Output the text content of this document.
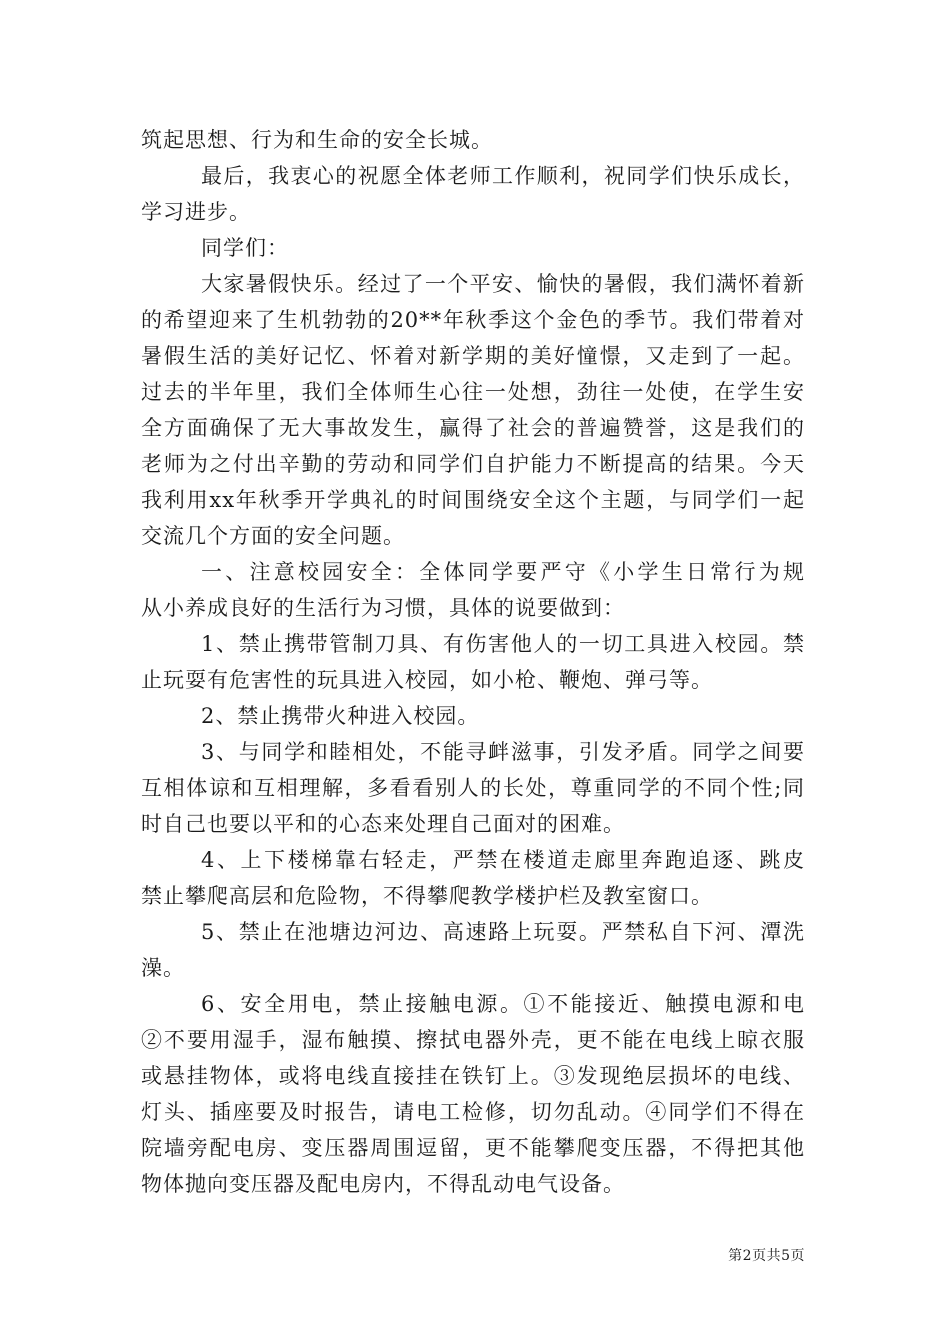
筑起思想、行为和生命的安全长城。
最后，我衷心的祝愿全体老师工作顺利，祝同学们快乐成长，
学习进步。
同学们：
大家暑假快乐。经过了一个平安、愉快的暑假，我们满怀着新
的希望迎来了生机勃勃的20**年秋季这个金色的季节。我们带着对
暑假生活的美好记忆、怀着对新学期的美好憧憬，又走到了一起。
过去的半年里，我们全体师生心往一处想，劲往一处使，在学生安
全方面确保了无大事故发生，赢得了社会的普遍赞誉，这是我们的
老师为之付出辛勤的劳动和同学们自护能力不断提高的结果。今天
我利用xx年秋季开学典礼的时间围绕安全这个主题，与同学们一起
交流几个方面的安全问题。
一、注意校园安全：全体同学要严守《小学生日常行为规
从小养成良好的生活行为习惯，具体的说要做到：
1、禁止携带管制刀具、有伤害他人的一切工具进入校园。禁
止玩耍有危害性的玩具进入校园，如小枪、鞭炮、弹弓等。
2、禁止携带火种进入校园。
3、与同学和睦相处，不能寻衅滋事，引发矛盾。同学之间要
互相体谅和互相理解，多看看别人的长处，尊重同学的不同个性;同
时自己也要以平和的心态来处理自己面对的困难。
4、上下楼梯靠右轻走，严禁在楼道走廊里奔跑追逐、跳皮
禁止攀爬高层和危险物，不得攀爬教学楼护栏及教室窗口。
5、禁止在池塘边河边、高速路上玩耍。严禁私自下河、潭洗
澡。
6、安全用电，禁止接触电源。①不能接近、触摸电源和电
②不要用湿手，湿布触摸、擦拭电器外壳，更不能在电线上晾衣服
或悬挂物体，或将电线直接挂在铁钉上。③发现绝层损坏的电线、
灯头、插座要及时报告，请电工检修，切勿乱动。④同学们不得在
院墙旁配电房、变压器周围逗留，更不能攀爬变压器，不得把其他
物体抛向变压器及配电房内，不得乱动电气设备。
第2页共5页
